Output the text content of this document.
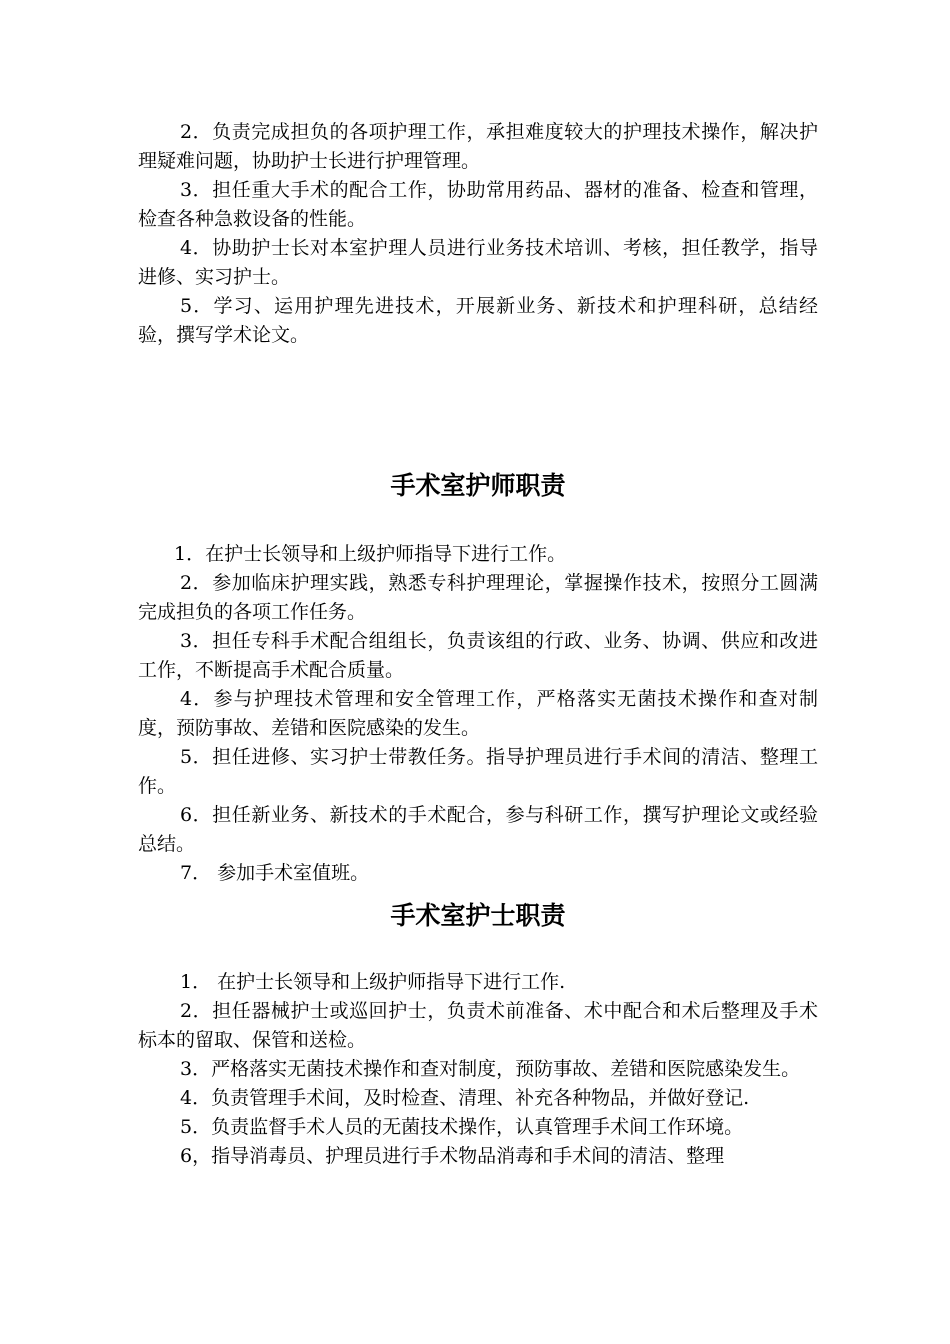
2．负责完成担负的各项护理工作，承担难度较大的护理技术操作，解决护理疑难问题，协助护士长进行护理管理。

3．担任重大手术的配合工作，协助常用药品、器材的准备、检查和管理，检查各种急救设备的性能。

4．协助护士长对本室护理人员进行业务技术培训、考核，担任教学，指导进修、实习护士。

5．学习、运用护理先进技术，开展新业务、新技术和护理科研，总结经验，撰写学术论文。

手术室护师职责

1．在护士长领导和上级护师指导下进行工作。

2．参加临床护理实践，熟悉专科护理理论，掌握操作技术，按照分工圆满完成担负的各项工作任务。

3．担任专科手术配合组组长，负责该组的行政、业务、协调、供应和改进工作，不断提高手术配合质量。

4．参与护理技术管理和安全管理工作，严格落实无菌技术操作和查对制度，预防事故、差错和医院感染的发生。

5．担任进修、实习护士带教任务。指导护理员进行手术间的清洁、整理工作。

6．担任新业务、新技术的手术配合，参与科研工作，撰写护理论文或经验总结。

7． 参加手术室值班。

手术室护士职责

1． 在护士长领导和上级护师指导下进行工作.

2．担任器械护士或巡回护士，负责术前准备、术中配合和术后整理及手术标本的留取、保管和送检。

3．严格落实无菌技术操作和查对制度，预防事故、差错和医院感染发生。

4．负责管理手术间，及时检查、清理、补充各种物品，并做好登记.

5．负责监督手术人员的无菌技术操作，认真管理手术间工作环境。

6，指导消毒员、护理员进行手术物品消毒和手术间的清洁、整理
